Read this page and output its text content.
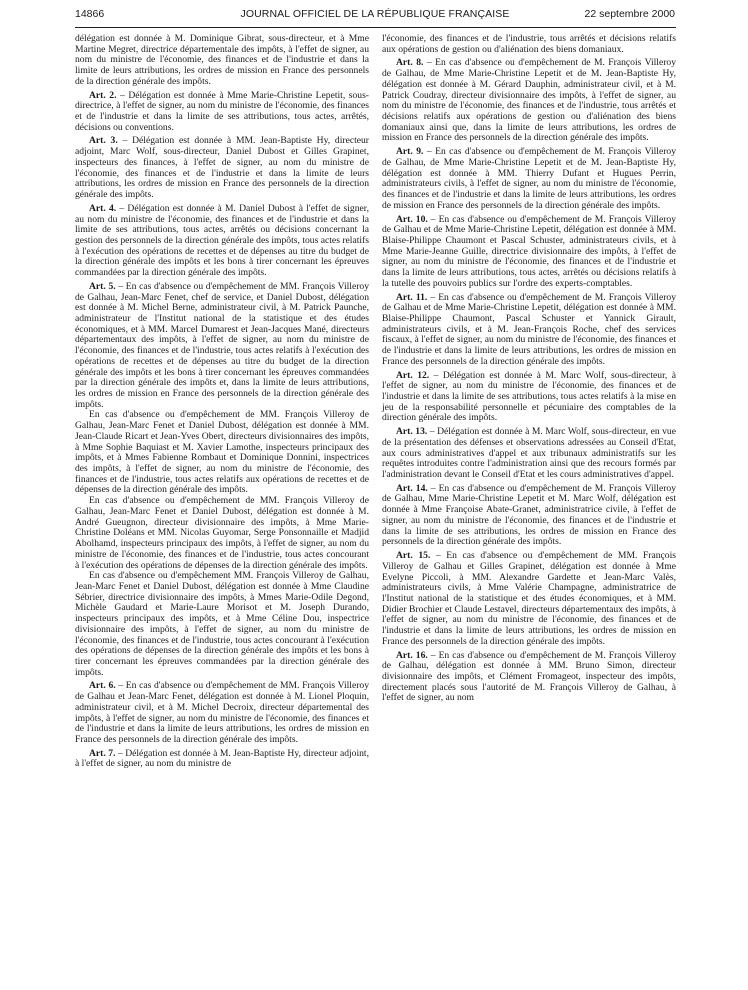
14866	JOURNAL OFFICIEL DE LA RÉPUBLIQUE FRANÇAISE	22 septembre 2000

délégation est donnée à M. Dominique Gibrat, sous-directeur, et à Mme Martine Megret, directrice départementale des impôts, à l'effet de signer, au nom du ministre de l'économie, des finances et de l'industrie et dans la limite de leurs attributions, les ordres de mission en France des personnels de la direction générale des impôts.

Art. 2. – Délégation est donnée à Mme Marie-Christine Lepetit, sous-directrice, à l'effet de signer, au nom du ministre de l'économie, des finances et de l'industrie et dans la limite de ses attributions, tous actes, arrêtés, décisions ou conventions.

Art. 3. – Délégation est donnée à MM. Jean-Baptiste Hy, directeur adjoint, Marc Wolf, sous-directeur, Daniel Dubost et Gilles Grapinet, inspecteurs des finances, à l'effet de signer, au nom du ministre de l'économie, des finances et de l'industrie et dans la limite de leurs attributions, les ordres de mission en France des personnels de la direction générale des impôts.

Art. 4. – Délégation est donnée à M. Daniel Dubost à l'effet de signer, au nom du ministre de l'économie, des finances et de l'industrie et dans la limite de ses attributions, tous actes, arrêtés ou décisions concernant la gestion des personnels de la direction générale des impôts, tous actes relatifs à l'exécution des opérations de recettes et de dépenses au titre du budget de la direction générale des impôts et les bons à tirer concernant les épreuves commandées par la direction générale des impôts.

Art. 5. – En cas d'absence ou d'empêchement de MM. François Villeroy de Galhau, Jean-Marc Fenet, chef de service, et Daniel Dubost, délégation est donnée à M. Michel Berne, administrateur civil, à M. Patrick Paunche, administrateur de l'Institut national de la statistique et des études économiques, et à MM. Marcel Dumarest et Jean-Jacques Mané, directeurs départementaux des impôts, à l'effet de signer, au nom du ministre de l'économie, des finances et de l'industrie, tous actes relatifs à l'exécution des opérations de recettes et de dépenses au titre du budget de la direction générale des impôts et les bons à tirer concernant les épreuves commandées par la direction générale des impôts et, dans la limite de leurs attributions, les ordres de mission en France des personnels de la direction générale des impôts.

En cas d'absence ou d'empêchement de MM. François Villeroy de Galhau, Jean-Marc Fenet et Daniel Dubost, délégation est donnée à MM. Jean-Claude Ricart et Jean-Yves Obert, directeurs divisionnaires des impôts, à Mme Sophie Baquiast et M. Xavier Lamothe, inspecteurs principaux des impôts, et à Mmes Fabienne Rombaut et Dominique Donnini, inspectrices des impôts, à l'effet de signer, au nom du ministre de l'économie, des finances et de l'industrie, tous actes relatifs aux opérations de recettes et de dépenses de la direction générale des impôts.

En cas d'absence ou d'empêchement de MM. François Villeroy de Galhau, Jean-Marc Fenet et Daniel Dubost, délégation est donnée à M. André Gueugnon, directeur divisionnaire des impôts, à Mme Marie-Christine Doléans et MM. Nicolas Guyomar, Serge Ponsonnaille et Madjid Abolhamd, inspecteurs principaux des impôts, à l'effet de signer, au nom du ministre de l'économie, des finances et de l'industrie, tous actes concourant à l'exécution des opérations de dépenses de la direction générale des impôts.

En cas d'absence ou d'empêchement MM. François Villeroy de Galhau, Jean-Marc Fenet et Daniel Dubost, délégation est donnée à Mme Claudine Sébrier, directrice divisionnaire des impôts, à Mmes Marie-Odile Degond, Michèle Gaudard et Marie-Laure Morisot et M. Joseph Durando, inspecteurs principaux des impôts, et à Mme Céline Dou, inspectrice divisionnaire des impôts, à l'effet de signer, au nom du ministre de l'économie, des finances et de l'industrie, tous actes concourant à l'exécution des opérations de dépenses de la direction générale des impôts et les bons à tirer concernant les épreuves commandées par la direction générale des impôts.

Art. 6. – En cas d'absence ou d'empêchement de MM. François Villeroy de Galhau et Jean-Marc Fenet, délégation est donnée à M. Lionel Ploquin, administrateur civil, et à M. Michel Decroix, directeur départemental des impôts, à l'effet de signer, au nom du ministre de l'économie, des finances et de l'industrie et dans la limite de leurs attributions, les ordres de mission en France des personnels de la direction générale des impôts.

Art. 7. – Délégation est donnée à M. Jean-Baptiste Hy, directeur adjoint, à l'effet de signer, au nom du ministre de

l'économie, des finances et de l'industrie, tous arrêtés et décisions relatifs aux opérations de gestion ou d'aliénation des biens domaniaux.

Art. 8. – En cas d'absence ou d'empêchement de M. François Villeroy de Galhau, de Mme Marie-Christine Lepetit et de M. Jean-Baptiste Hy, délégation est donnée à M. Gérard Dauphin, administrateur civil, et à M. Patrick Coudray, directeur divisionnaire des impôts, à l'effet de signer, au nom du ministre de l'économie, des finances et de l'industrie, tous arrêtés et décisions relatifs aux opérations de gestion ou d'aliénation des biens domaniaux ainsi que, dans la limite de leurs attributions, les ordres de mission en France des personnels de la direction générale des impôts.

Art. 9. – En cas d'absence ou d'empêchement de M. François Villeroy de Galhau, de Mme Marie-Christine Lepetit et de M. Jean-Baptiste Hy, délégation est donnée à MM. Thierry Dufant et Hugues Perrin, administrateurs civils, à l'effet de signer, au nom du ministre de l'économie, des finances et de l'industrie et dans la limite de leurs attributions, les ordres de mission en France des personnels de la direction générale des impôts.

Art. 10. – En cas d'absence ou d'empêchement de M. François Villeroy de Galhau et de Mme Marie-Christine Lepetit, délégation est donnée à MM. Blaise-Philippe Chaumont et Pascal Schuster, administrateurs civils, et à Mme Marie-Jeanne Guille, directrice divisionnaire des impôts, à l'effet de signer, au nom du ministre de l'économie, des finances et de l'industrie et dans la limite de leurs attributions, tous actes, arrêtés ou décisions relatifs à la tutelle des pouvoirs publics sur l'ordre des experts-comptables.

Art. 11. – En cas d'absence ou d'empêchement de M. François Villeroy de Galhau et de Mme Marie-Christine Lepetit, délégation est donnée à MM. Blaise-Philippe Chaumont, Pascal Schuster et Yannick Girault, administrateurs civils, et à M. Jean-François Roche, chef des services fiscaux, à l'effet de signer, au nom du ministre de l'économie, des finances et de l'industrie et dans la limite de leurs attributions, les ordres de mission en France des personnels de la direction générale des impôts.

Art. 12. – Délégation est donnée à M. Marc Wolf, sous-directeur, à l'effet de signer, au nom du ministre de l'économie, des finances et de l'industrie et dans la limite de ses attributions, tous actes relatifs à la mise en jeu de la responsabilité personnelle et pécuniaire des comptables de la direction générale des impôts.

Art. 13. – Délégation est donnée à M. Marc Wolf, sous-directeur, en vue de la présentation des défenses et observations adressées au Conseil d'Etat, aux cours administratives d'appel et aux tribunaux administratifs sur les requêtes introduites contre l'administration ainsi que des recours formés par l'administration devant le Conseil d'Etat et les cours administratives d'appel.

Art. 14. – En cas d'absence ou d'empêchement de M. François Villeroy de Galhau, Mme Marie-Christine Lepetit et M. Marc Wolf, délégation est donnée à Mme Françoise Abate-Granet, administratrice civile, à l'effet de signer, au nom du ministre de l'économie, des finances et de l'industrie et dans la limite de ses attributions, les ordres de mission en France des personnels de la direction générale des impôts.

Art. 15. – En cas d'absence ou d'empêchement de MM. François Villeroy de Galhau et Gilles Grapinet, délégation est donnée à Mme Evelyne Piccoli, à MM. Alexandre Gardette et Jean-Marc Valès, administrateurs civils, à Mme Valérie Champagne, administratrice de l'Institut national de la statistique et des études économiques, et à MM. Didier Brochier et Claude Lestavel, directeurs départementaux des impôts, à l'effet de signer, au nom du ministre de l'économie, des finances et de l'industrie et dans la limite de leurs attributions, les ordres de mission en France des personnels de la direction générale des impôts.

Art. 16. – En cas d'absence ou d'empêchement de M. François Villeroy de Galhau, délégation est donnée à MM. Bruno Simon, directeur divisionnaire des impôts, et Clément Fromageot, inspecteur des impôts, directement placés sous l'autorité de M. François Villeroy de Galhau, à l'effet de signer, au nom
